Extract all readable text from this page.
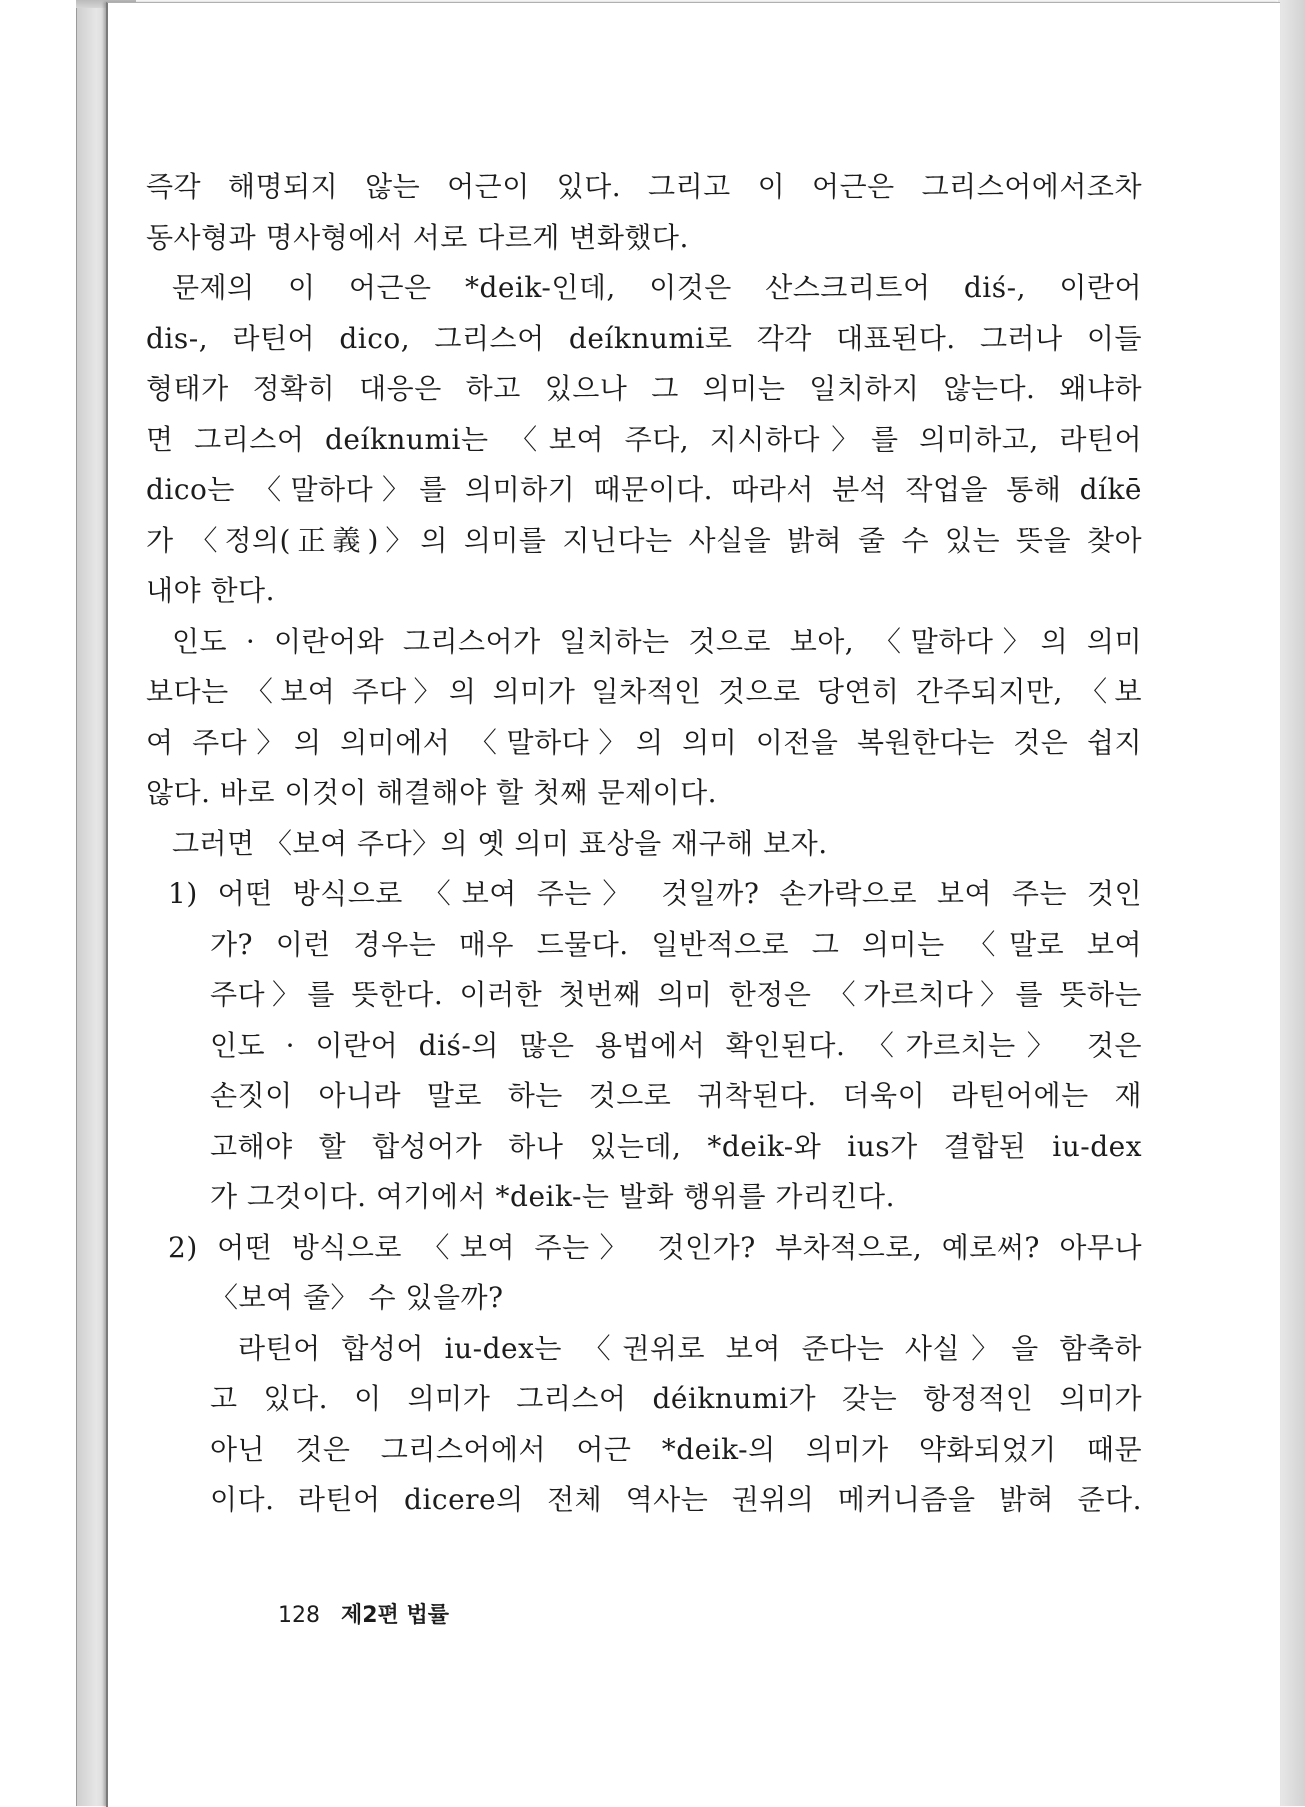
즉각 해명되지 않는 어근이 있다. 그리고 이 어근은 그리스어에서조차
동사형과 명사형에서 서로 다르게 변화했다.
문제의 이 어근은 *deik-인데, 이것은 산스크리트어 diś-, 이란어
dis-, 라틴어 dico, 그리스어 deíknumi로 각각 대표된다. 그러나 이들
형태가 정확히 대응은 하고 있으나 그 의미는 일치하지 않는다. 왜냐하
면 그리스어 deíknumi는 〈보여 주다, 지시하다〉를 의미하고, 라틴어
dico는 〈말하다〉를 의미하기 때문이다. 따라서 분석 작업을 통해 díkē
가 〈정의(正義)〉의 의미를 지닌다는 사실을 밝혀 줄 수 있는 뜻을 찾아
내야 한다.
인도 · 이란어와 그리스어가 일치하는 것으로 보아, 〈말하다〉의 의미
보다는 〈보여 주다〉의 의미가 일차적인 것으로 당연히 간주되지만, 〈보
여 주다〉의 의미에서 〈말하다〉의 의미 이전을 복원한다는 것은 쉽지
않다. 바로 이것이 해결해야 할 첫째 문제이다.
그러면 〈보여 주다〉의 옛 의미 표상을 재구해 보자.
1) 어떤 방식으로 〈보여 주는〉 것일까? 손가락으로 보여 주는 것인
가? 이런 경우는 매우 드물다. 일반적으로 그 의미는 〈말로 보여
주다〉를 뜻한다. 이러한 첫번째 의미 한정은 〈가르치다〉를 뜻하는
인도 · 이란어 diś-의 많은 용법에서 확인된다. 〈가르치는〉 것은
손짓이 아니라 말로 하는 것으로 귀착된다. 더욱이 라틴어에는 재
고해야 할 합성어가 하나 있는데, *deik-와 ius가 결합된 iu-dex
가 그것이다. 여기에서 *deik-는 발화 행위를 가리킨다.
2) 어떤 방식으로 〈보여 주는〉 것인가? 부차적으로, 예로써? 아무나
〈보여 줄〉 수 있을까?
라틴어 합성어 iu-dex는 〈권위로 보여 준다는 사실〉을 함축하
고 있다. 이 의미가 그리스어 déiknumi가 갖는 항정적인 의미가
아닌 것은 그리스어에서 어근 *deik-의 의미가 약화되었기 때문
이다. 라틴어 dicere의 전체 역사는 권위의 메커니즘을 밝혀 준다.
128 제2편 법률
